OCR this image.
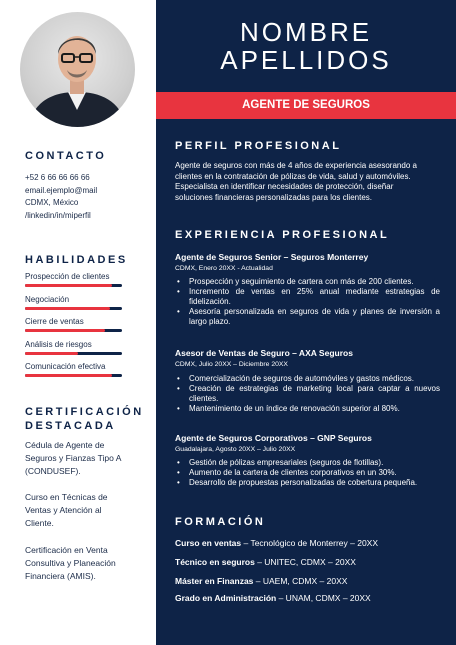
CONTACTO
+52 6 66 66 66 66
email.ejemplo@mail
CDMX, México
/linkedin/in/miperfil
HABILIDADES
Prospección de clientes
Negociación
Cierre de ventas
Análisis de riesgos
Comunicación efectiva
CERTIFICACIÓN
DESTACADA
Cédula de Agente de
Seguros y Fianzas Tipo A
(CONDUSEF).
Curso en Técnicas de
Ventas y Atención al
Cliente.
Certificación en Venta
Consultiva y Planeación
Financiera (AMIS).
NOMBRE
APELLIDOS
AGENTE DE SEGUROS
PERFIL PROFESIONAL
Agente de seguros con más de 4 años de experiencia asesorando a
clientes en la contratación de pólizas de vida, salud y automóviles.
Especialista en identificar necesidades de protección, diseñar
soluciones financieras personalizadas para los clientes.
EXPERIENCIA PROFESIONAL
Agente de Seguros Senior – Seguros Monterrey
CDMX, Enero 20XX - Actualidad
• Prospección y seguimiento de cartera con más de 200 clientes.
• Incremento de ventas en 25% anual mediante estrategias de fidelización.
• Asesoría personalizada en seguros de vida y planes de inversión a largo plazo.
Asesor de Ventas de Seguro – AXA Seguros
CDMX, Julio 20XX – Diciembre 20XX
• Comercialización de seguros de automóviles y gastos médicos.
• Creación de estrategias de marketing local para captar a nuevos clientes.
• Mantenimiento de un índice de renovación superior al 80%.
Agente de Seguros Corporativos – GNP Seguros
Guadalajara, Agosto 20XX – Julio 20XX
• Gestión de pólizas empresariales (seguros de flotillas).
• Aumento de la cartera de clientes corporativos en un 30%.
• Desarrollo de propuestas personalizadas de cobertura pequeña.
FORMACIÓN
Curso en ventas – Tecnológico de Monterrey – 20XX
Técnico en seguros – UNITEC, CDMX – 20XX
Máster en Finanzas – UAEM, CDMX – 20XX
Grado en Administración – UNAM, CDMX – 20XX
